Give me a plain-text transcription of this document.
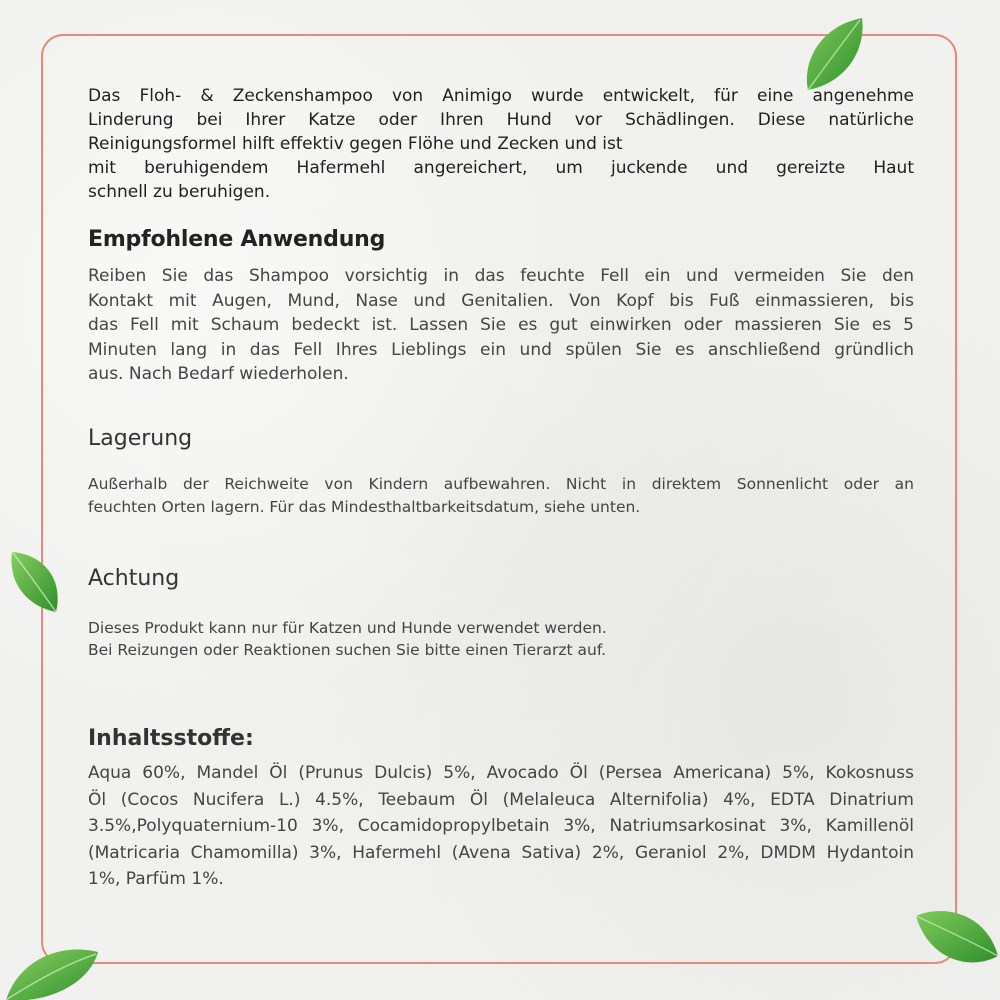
Das Floh- & Zeckenshampoo von Animigo wurde entwickelt, für eine angenehme
Linderung bei Ihrer Katze oder Ihren Hund vor Schädlingen. Diese natürliche
Reinigungsformel hilft effektiv gegen Flöhe und Zecken und ist
mit beruhigendem Hafermehl angereichert, um juckende und gereizte Haut
schnell zu beruhigen.

Empfohlene Anwendung

Reiben Sie das Shampoo vorsichtig in das feuchte Fell ein und vermeiden Sie den
Kontakt mit Augen, Mund, Nase und Genitalien. Von Kopf bis Fuß einmassieren, bis
das Fell mit Schaum bedeckt ist. Lassen Sie es gut einwirken oder massieren Sie es 5
Minuten lang in das Fell Ihres Lieblings ein und spülen Sie es anschließend gründlich
aus. Nach Bedarf wiederholen.

Lagerung

Außerhalb der Reichweite von Kindern aufbewahren. Nicht in direktem Sonnenlicht oder an
feuchten Orten lagern. Für das Mindesthaltbarkeitsdatum, siehe unten.

Achtung

Dieses Produkt kann nur für Katzen und Hunde verwendet werden.
Bei Reizungen oder Reaktionen suchen Sie bitte einen Tierarzt auf.

Inhaltsstoffe:

Aqua 60%, Mandel Öl (Prunus Dulcis) 5%, Avocado Öl (Persea Americana) 5%, Kokosnuss
Öl (Cocos Nucifera L.) 4.5%, Teebaum Öl (Melaleuca Alternifolia) 4%, EDTA Dinatrium
3.5%,Polyquaternium-10 3%, Cocamidopropylbetain 3%, Natriumsarkosinat 3%, Kamillenöl
(Matricaria Chamomilla) 3%, Hafermehl (Avena Sativa) 2%, Geraniol 2%, DMDM Hydantoin
1%, Parfüm 1%.
